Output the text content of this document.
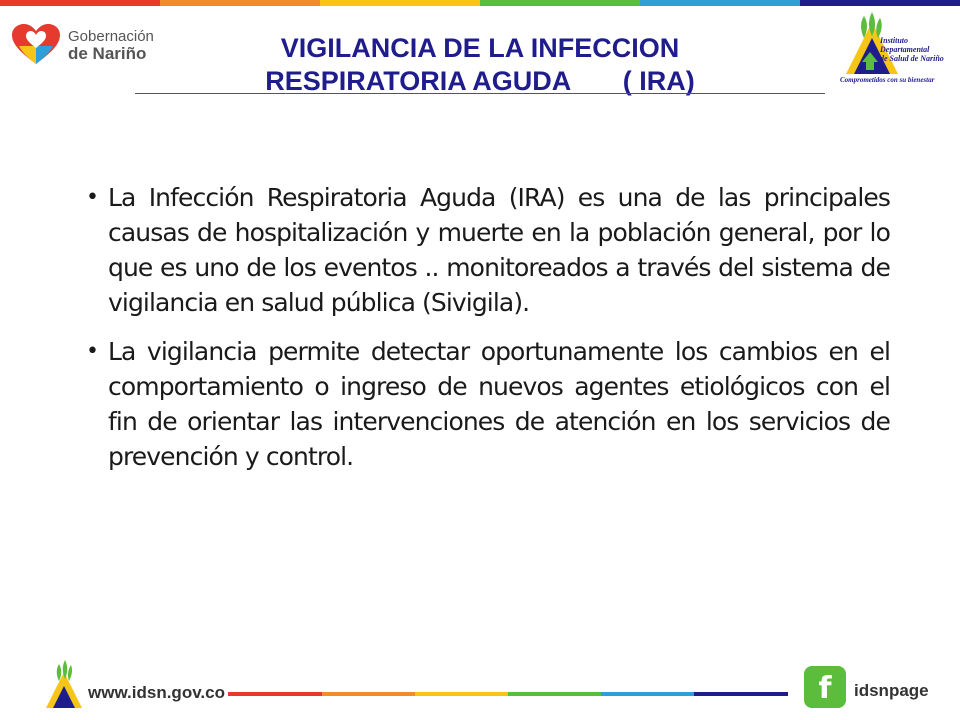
Gobernación
de Nariño	VIGILANCIA DE LA INFECCION
RESPIRATORIA AGUDA       ( IRA)
Instituto
Departamental
de Salud de Nariño
Comprometidos con su bienestar
• La Infección Respiratoria Aguda (IRA) es una de las principales causas de hospitalización y muerte en la población general, por lo que es uno de los eventos .. monitoreados a través del sistema de vigilancia en salud pública (Sivigila).
• La vigilancia permite detectar oportunamente los cambios en el comportamiento o ingreso de nuevos agentes etiológicos con el fin de orientar las intervenciones de atención en los servicios de prevención y control.
www.idsn.gov.co	f	idsnpage
